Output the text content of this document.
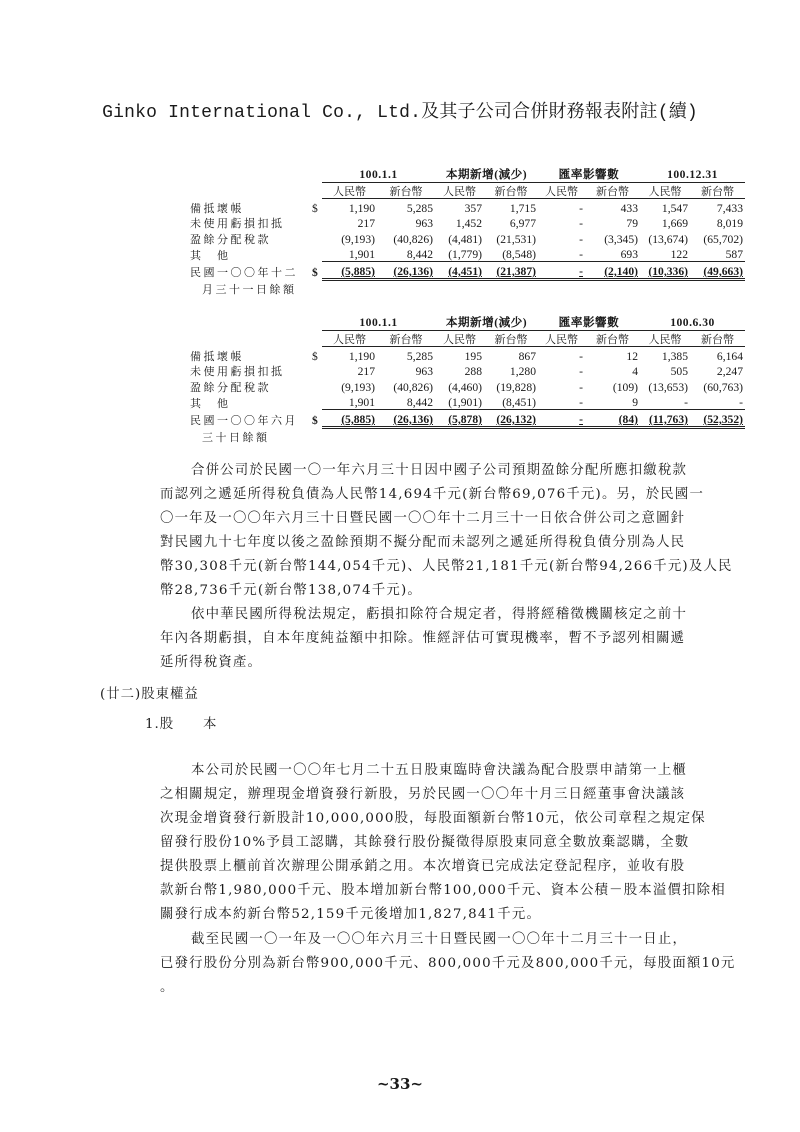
Ginko International Co., Ltd.及其子公司合併財務報表附註(續)
		100.1.1		本期新增(減少)		匯率影響數		100.12.31	
		人民幣	新台幣	人民幣	新台幣	人民幣	新台幣	人民幣	新台幣
備抵壞帳	$	1,190	5,285	357	1,715	-	433	1,547	7,433
未使用虧損扣抵		217	963	1,452	6,977	-	79	1,669	8,019
盈餘分配稅款		(9,193)	(40,826)	(4,481)	(21,531)	-	(3,345)	(13,674)	(65,702)
其　他		1,901	8,442	(1,779)	(8,548)	-	693	122	587
民國一〇〇年十二	$	(5,885)	(26,136)	(4,451)	(21,387)	-	(2,140)	(10,336)	(49,663)
月三十一日餘額									
		100.1.1		本期新增(減少)		匯率影響數		100.6.30	
		人民幣	新台幣	人民幣	新台幣	人民幣	新台幣	人民幣	新台幣
備抵壞帳	$	1,190	5,285	195	867	-	12	1,385	6,164
未使用虧損扣抵		217	963	288	1,280	-	4	505	2,247
盈餘分配稅款		(9,193)	(40,826)	(4,460)	(19,828)	-	(109)	(13,653)	(60,763)
其　他		1,901	8,442	(1,901)	(8,451)	-	9	-	-
民國一〇〇年六月	$	(5,885)	(26,136)	(5,878)	(26,132)	-	(84)	(11,763)	(52,352)
三十日餘額									
合併公司於民國一〇一年六月三十日因中國子公司預期盈餘分配所應扣繳稅款
而認列之遞延所得稅負債為人民幣14,694千元(新台幣69,076千元)。另，於民國一
〇一年及一〇〇年六月三十日暨民國一〇〇年十二月三十一日依合併公司之意圖針
對民國九十七年度以後之盈餘預期不擬分配而未認列之遞延所得稅負債分別為人民
幣30,308千元(新台幣144,054千元)、人民幣21,181千元(新台幣94,266千元)及人民
幣28,736千元(新台幣138,074千元)。
依中華民國所得稅法規定，虧損扣除符合規定者，得將經稽徵機關核定之前十
年內各期虧損，自本年度純益額中扣除。惟經評估可實現機率，暫不予認列相關遞
延所得稅資產。
(廿二)股東權益
1.股　　本
本公司於民國一〇〇年七月二十五日股東臨時會決議為配合股票申請第一上櫃
之相關規定，辦理現金增資發行新股，另於民國一〇〇年十月三日經董事會決議該
次現金增資發行新股計10,000,000股，每股面額新台幣10元，依公司章程之規定保
留發行股份10%予員工認購，其餘發行股份擬徵得原股東同意全數放棄認購，全數
提供股票上櫃前首次辦理公開承銷之用。本次增資已完成法定登記程序，並收有股
款新台幣1,980,000千元、股本增加新台幣100,000千元、資本公積－股本溢價扣除相
關發行成本約新台幣52,159千元後增加1,827,841千元。
截至民國一〇一年及一〇〇年六月三十日暨民國一〇〇年十二月三十一日止，
已發行股份分別為新台幣900,000千元、800,000千元及800,000千元，每股面額10元
。
~33~
